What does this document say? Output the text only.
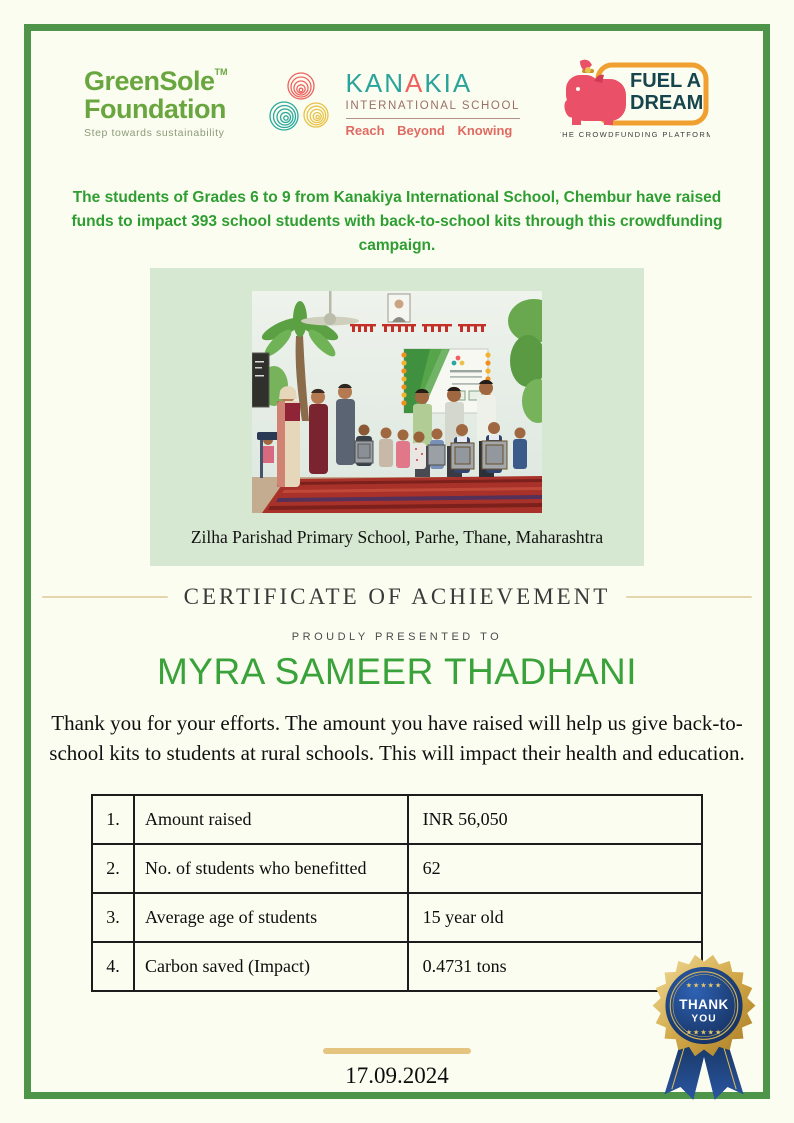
GreenSole™
Foundation
Step towards sustainability
KANAKIA
INTERNATIONAL SCHOOL
Reach Beyond Knowing
FUEL A
DREAM
THE CROWDFUNDING PLATFORM

The students of Grades 6 to 9 from Kanakiya International School, Chembur have raised funds to impact 393 school students with back-to-school kits through this crowdfunding campaign.

Zilha Parishad Primary School, Parhe, Thane, Maharashtra
CERTIFICATE OF ACHIEVEMENT
PROUDLY PRESENTED TO
MYRA SAMEER THADHANI

Thank you for your efforts. The amount you have raised will help us give back-to-school kits to students at rural schools. This will impact their health and education.

1.	Amount raised	INR 56,050
2.	No. of students who benefitted	62
3.	Average age of students	15 year old
4.	Carbon saved (Impact)	0.4731 tons
17.09.2024
★★★★★
THANK
YOU
★★★★★
